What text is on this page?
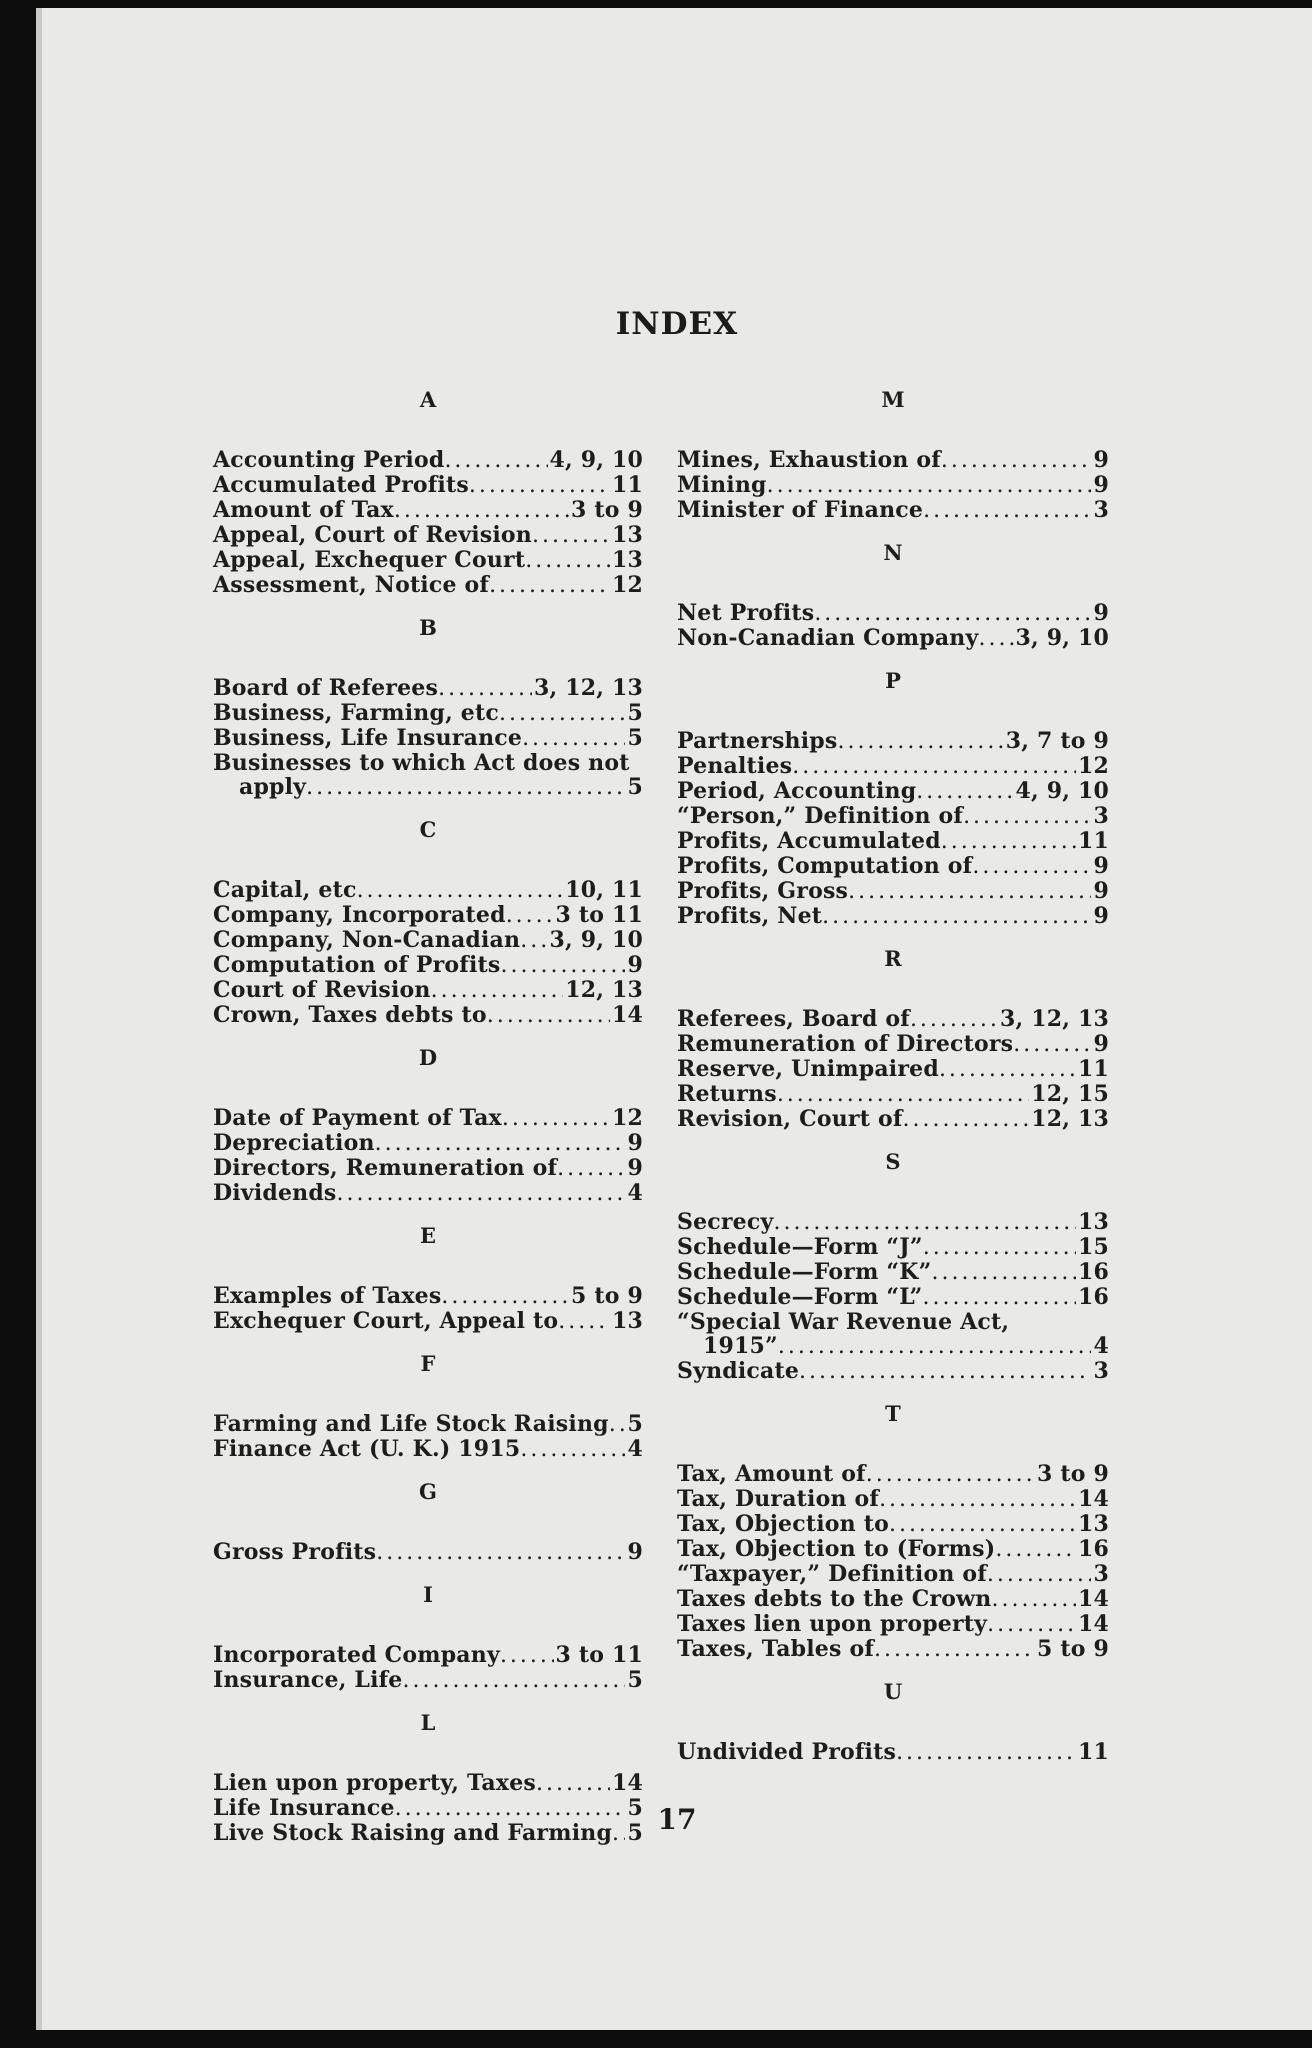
INDEX
A
Accounting Period .....	4, 9, 10
Accumulated Profits .....	11
Amount of Tax .....	3 to 9
Appeal, Court of Revision .....	13
Appeal, Exchequer Court .....	13
Assessment, Notice of .....	12
B
Board of Referees .....	3, 12, 13
Business, Farming, etc .....	5
Business, Life Insurance .....	5
Businesses to which Act does not
apply .....	5
C
Capital, etc .....	10, 11
Company, Incorporated ..... 3 to 11
Company, Non-Canadian ..... 3, 9, 10
Computation of Profits .....	9
Court of Revision .....	12, 13
Crown, Taxes debts to .....	14
D
Date of Payment of Tax .....	12
Depreciation .....	9
Directors, Remuneration of .....	9
Dividends .....	4
E
Examples of Taxes .....	5 to 9
Exchequer Court, Appeal to ..... 13
F
Farming and Life Stock Raising ..... 5
Finance Act (U. K.) 1915 .....	4
G
Gross Profits .....	9
I
Incorporated Company .....	3 to 11
Insurance, Life .....	5
L
Lien upon property, Taxes .....	14
Life Insurance .....	5
Live Stock Raising and Farming ..... 5
M
Mines, Exhaustion of .....	9
Mining .....	9
Minister of Finance .....	3
N
Net Profits .....	9
Non-Canadian Company ..... 3, 9, 10
P
Partnerships .....	3, 7 to 9
Penalties .....	12
Period, Accounting .....	4, 9, 10
“Person,” Definition of .....	3
Profits, Accumulated .....	11
Profits, Computation of .....	9
Profits, Gross .....	9
Profits, Net .....	9
R
Referees, Board of .....	3, 12, 13
Remuneration of Directors .....	9
Reserve, Unimpaired .....	11
Returns .....	12, 15
Revision, Court of .....	12, 13
S
Secrecy .....	13
Schedule—Form “J” .....	15
Schedule—Form “K” .....	16
Schedule—Form “L” .....	16
“Special War Revenue Act,
1915” .....	4
Syndicate .....	3
T
Tax, Amount of .....	3 to 9
Tax, Duration of .....	14
Tax, Objection to .....	13
Tax, Objection to (Forms) .....	16
“Taxpayer,” Definition of .....	3
Taxes debts to the Crown .....	14
Taxes lien upon property .....	14
Taxes, Tables of .....	5 to 9
U
Undivided Profits .....	11
17
